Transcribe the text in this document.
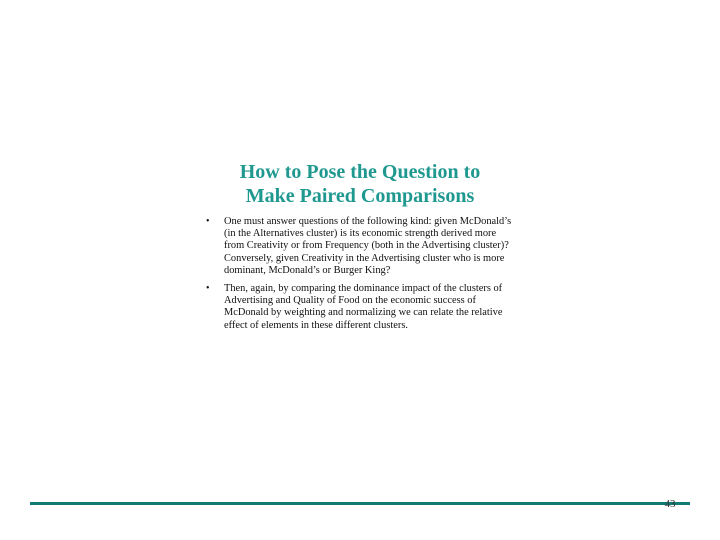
How to Pose the Question to
Make Paired Comparisons
• One must answer questions of the following kind: given McDonald’s (in the Alternatives cluster) is its economic strength derived more from Creativity or from Frequency (both in the Advertising cluster)? Conversely, given Creativity in the Advertising cluster who is more dominant, McDonald’s or Burger King?
• Then, again, by comparing the dominance impact of the clusters of Advertising and Quality of Food on the economic success of McDonald by weighting and normalizing we can relate the relative effect of elements in these different clusters.
43
